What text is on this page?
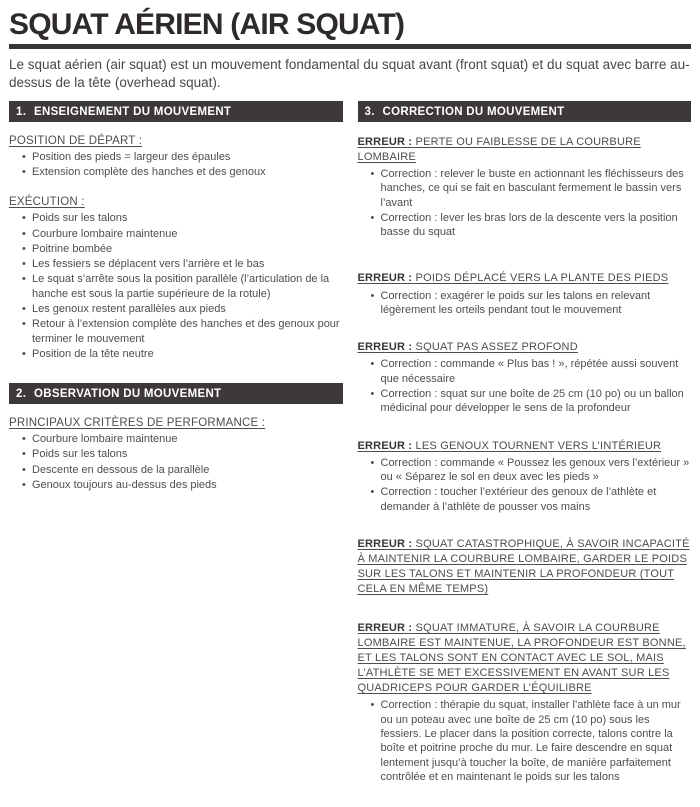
SQUAT AÉRIEN (AIR SQUAT)

Le squat aérien (air squat) est un mouvement fondamental du squat avant (front squat) et du squat avec barre au-dessus de la tête (overhead squat).

1. ENSEIGNEMENT DU MOUVEMENT
POSITION DE DÉPART :
• Position des pieds = largeur des épaules
• Extension complète des hanches et des genoux
EXÉCUTION :
• Poids sur les talons
• Courbure lombaire maintenue
• Poitrine bombée
• Les fessiers se déplacent vers l’arrière et le bas
• Le squat s’arrête sous la position parallèle (l’articulation de la hanche est sous la partie supérieure de la rotule)
• Les genoux restent parallèles aux pieds
• Retour à l’extension complète des hanches et des genoux pour terminer le mouvement
• Position de la tête neutre
2. OBSERVATION DU MOUVEMENT
PRINCIPAUX CRITÈRES DE PERFORMANCE :
• Courbure lombaire maintenue
• Poids sur les talons
• Descente en dessous de la parallèle
• Genoux toujours au-dessus des pieds
3. CORRECTION DU MOUVEMENT
ERREUR : PERTE OU FAIBLESSE DE LA COURBURE LOMBAIRE
• Correction : relever le buste en actionnant les fléchisseurs des hanches, ce qui se fait en basculant fermement le bassin vers l’avant
• Correction : lever les bras lors de la descente vers la position basse du squat
ERREUR : POIDS DÉPLACÉ VERS LA PLANTE DES PIEDS
• Correction : exagérer le poids sur les talons en relevant légèrement les orteils pendant tout le mouvement
ERREUR : SQUAT PAS ASSEZ PROFOND
• Correction : commande « Plus bas ! », répétée aussi souvent que nécessaire
• Correction : squat sur une boîte de 25 cm (10 po) ou un ballon médicinal pour développer le sens de la profondeur
ERREUR : LES GENOUX TOURNENT VERS L’INTÉRIEUR
• Correction : commande « Poussez les genoux vers l’extérieur » ou « Séparez le sol en deux avec les pieds »
• Correction : toucher l’extérieur des genoux de l’athlète et demander à l’athlète de pousser vos mains
ERREUR : SQUAT CATASTROPHIQUE, À SAVOIR INCAPACITÉ À MAINTENIR LA COURBURE LOMBAIRE, GARDER LE POIDS SUR LES TALONS ET MAINTENIR LA PROFONDEUR (TOUT CELA EN MÊME TEMPS)
ERREUR : SQUAT IMMATURE, À SAVOIR LA COURBURE LOMBAIRE EST MAINTENUE, LA PROFONDEUR EST BONNE, ET LES TALONS SONT EN CONTACT AVEC LE SOL, MAIS L’ATHLÈTE SE MET EXCESSIVEMENT EN AVANT SUR LES QUADRICEPS POUR GARDER L’ÉQUILIBRE
• Correction : thérapie du squat, installer l’athlète face à un mur ou un poteau avec une boîte de 25 cm (10 po) sous les fessiers. Le placer dans la position correcte, talons contre la boîte et poitrine proche du mur. Le faire descendre en squat lentement jusqu’à toucher la boîte, de manière parfaitement contrôlée et en maintenant le poids sur les talons
